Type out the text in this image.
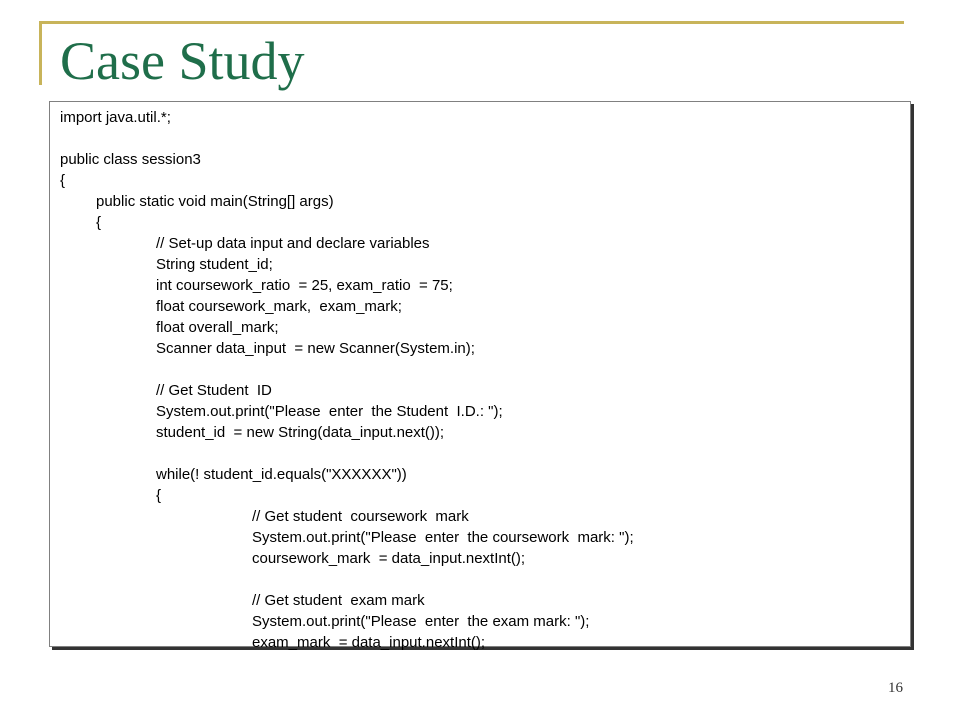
Case Study
import java.util.*;
public class session3
{
public static void main(String[] args)
{
// Set-up data input and declare variables
String student_id;
int coursework_ratio  = 25, exam_ratio  = 75;
float coursework_mark,  exam_mark;
float overall_mark;
Scanner data_input  = new Scanner(System.in);
// Get Student  ID
System.out.print("Please  enter  the Student  I.D.: ");
student_id  = new String(data_input.next());
while(! student_id.equals("XXXXXX"))
{
// Get student  coursework  mark
System.out.print("Please  enter  the coursework  mark: ");
coursework_mark  = data_input.nextInt();
// Get student  exam mark
System.out.print("Please  enter  the exam mark: ");
exam_mark  = data_input.nextInt();
16
